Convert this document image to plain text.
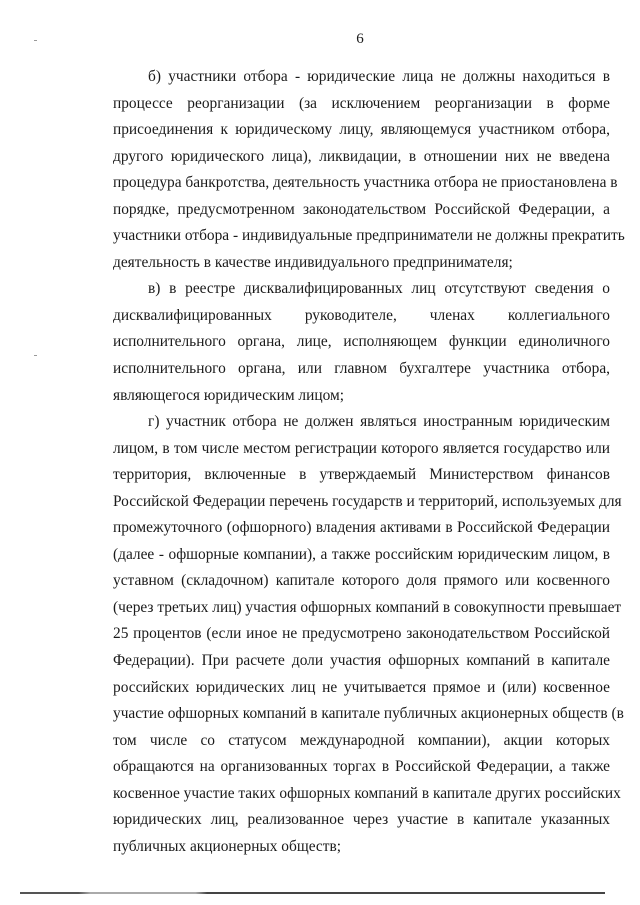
6
б) участники отбора - юридические лица не должны находиться в
процессе реорганизации (за исключением реорганизации в форме
присоединения к юридическому лицу, являющемуся участником отбора,
другого юридического лица), ликвидации, в отношении них не введена
процедура банкротства, деятельность участника отбора не приостановлена в
порядке, предусмотренном законодательством Российской Федерации, а
участники отбора - индивидуальные предприниматели не должны прекратить
деятельность в качестве индивидуального предпринимателя;
в) в реестре дисквалифицированных лиц отсутствуют сведения о
дисквалифицированных руководителе, членах коллегиального
исполнительного органа, лице, исполняющем функции единоличного
исполнительного органа, или главном бухгалтере участника отбора,
являющегося юридическим лицом;
г) участник отбора не должен являться иностранным юридическим
лицом, в том числе местом регистрации которого является государство или
территория, включенные в утверждаемый Министерством финансов
Российской Федерации перечень государств и территорий, используемых для
промежуточного (офшорного) владения активами в Российской Федерации
(далее - офшорные компании), а также российским юридическим лицом, в
уставном (складочном) капитале которого доля прямого или косвенного
(через третьих лиц) участия офшорных компаний в совокупности превышает
25 процентов (если иное не предусмотрено законодательством Российской
Федерации). При расчете доли участия офшорных компаний в капитале
российских юридических лиц не учитывается прямое и (или) косвенное
участие офшорных компаний в капитале публичных акционерных обществ (в
том числе со статусом международной компании), акции которых
обращаются на организованных торгах в Российской Федерации, а также
косвенное участие таких офшорных компаний в капитале других российских
юридических лиц, реализованное через участие в капитале указанных
публичных акционерных обществ;
